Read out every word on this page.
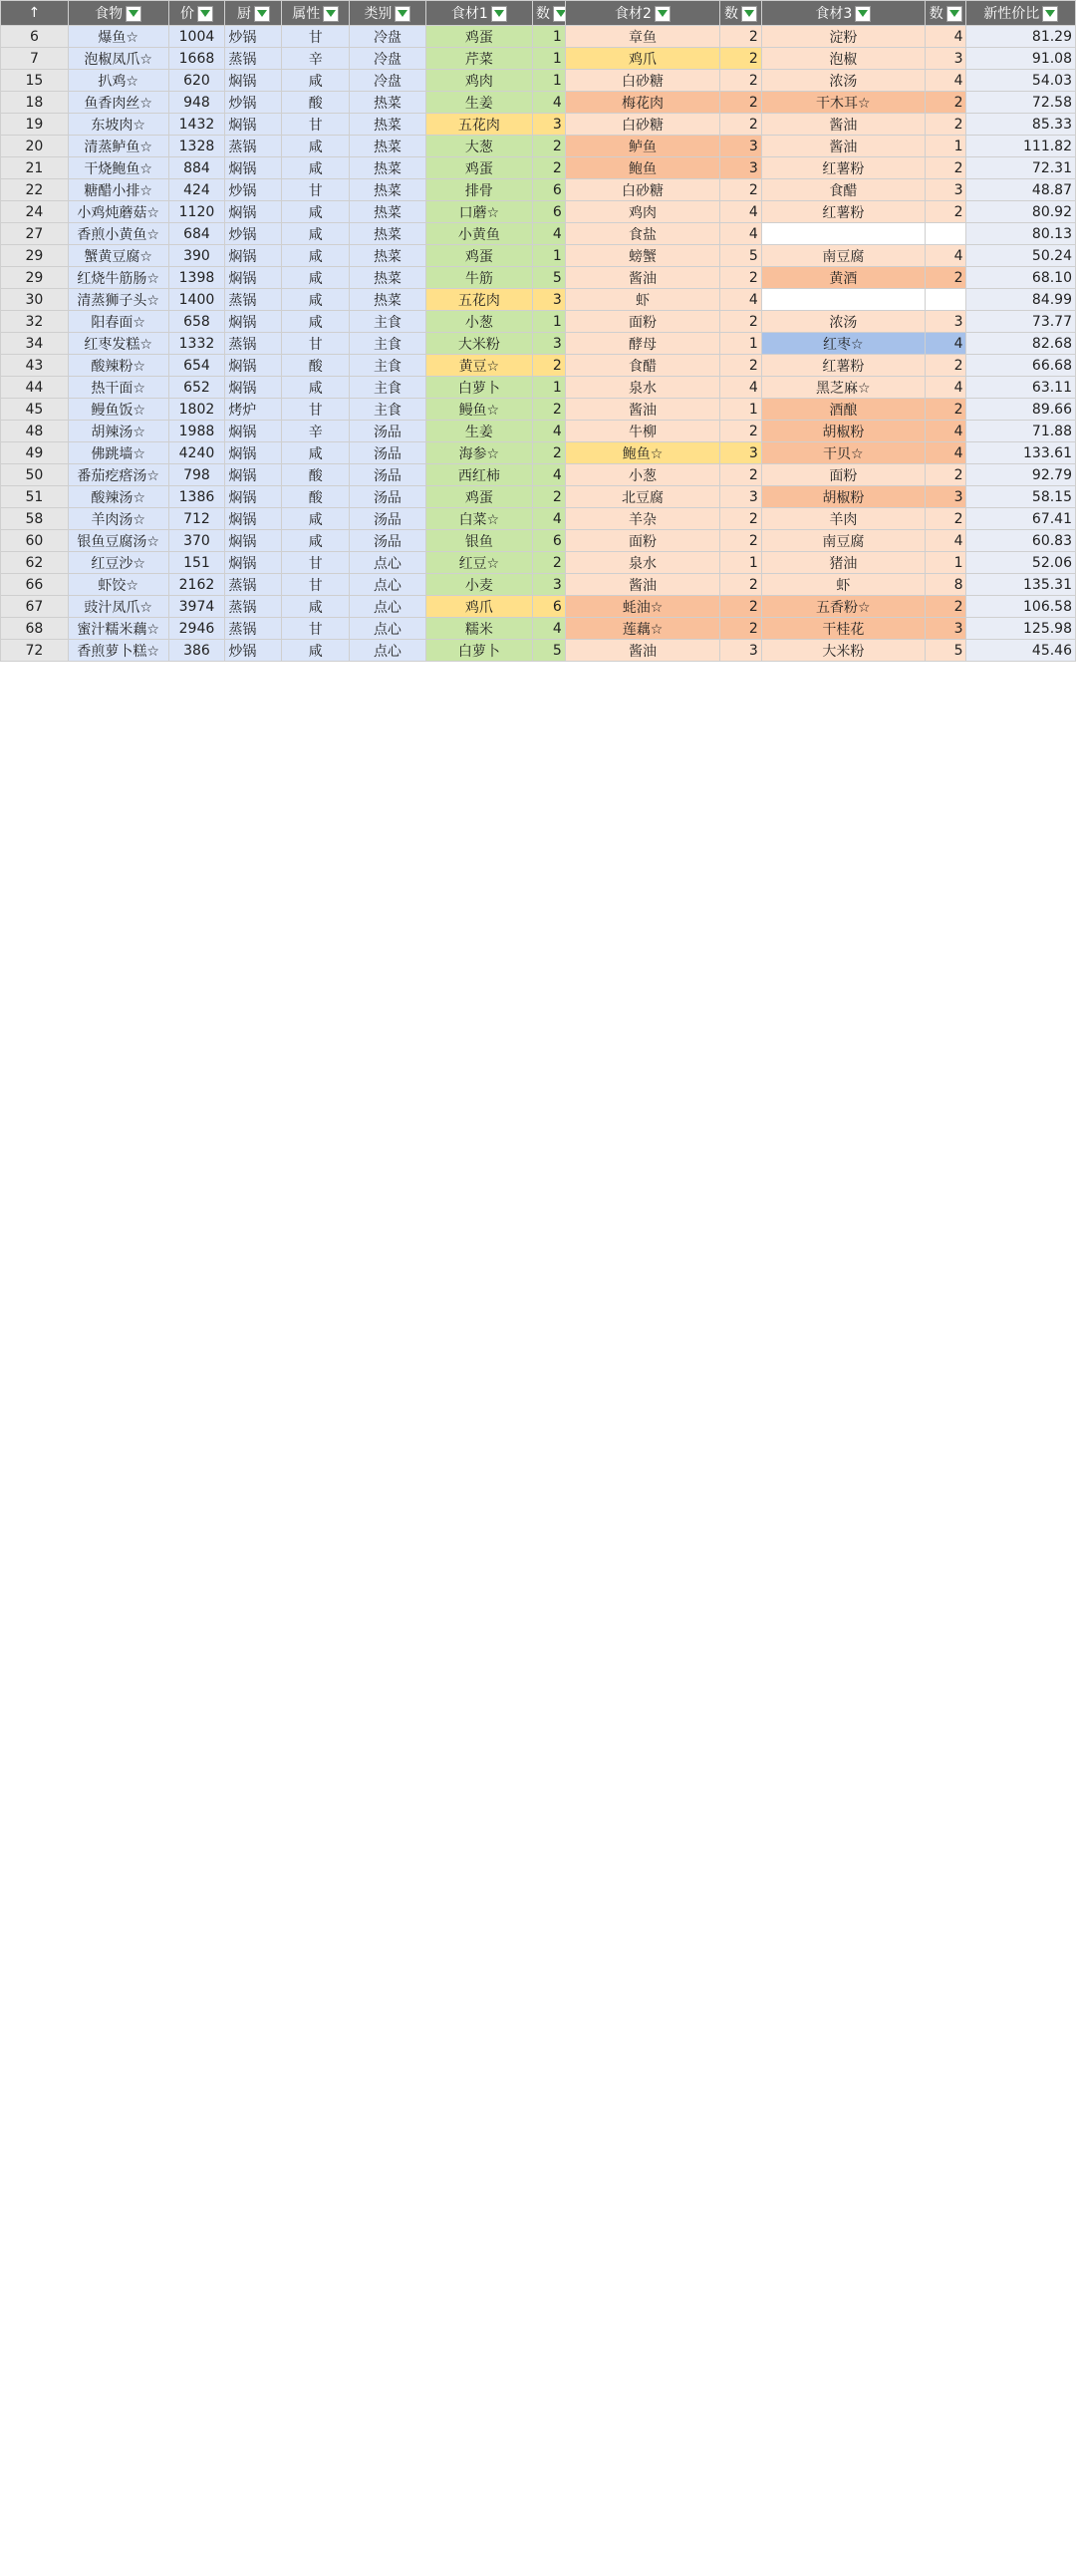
↑	食物	价	厨	属性	类别	食材1	数	食材2	数	食材3	数	新性价比
6	爆鱼☆	1004	炒锅	甘	冷盘	鸡蛋	1	章鱼	2	淀粉	4	81.29
7	泡椒凤爪☆	1668	蒸锅	辛	冷盘	芹菜	1	鸡爪	2	泡椒	3	91.08
15	扒鸡☆	620	焖锅	咸	冷盘	鸡肉	1	白砂糖	2	浓汤	4	54.03
18	鱼香肉丝☆	948	炒锅	酸	热菜	生姜	4	梅花肉	2	干木耳☆	2	72.58
19	东坡肉☆	1432	焖锅	甘	热菜	五花肉	3	白砂糖	2	酱油	2	85.33
20	清蒸鲈鱼☆	1328	蒸锅	咸	热菜	大葱	2	鲈鱼	3	酱油	1	111.82
21	干烧鲍鱼☆	884	焖锅	咸	热菜	鸡蛋	2	鲍鱼	3	红薯粉	2	72.31
22	糖醋小排☆	424	炒锅	甘	热菜	排骨	6	白砂糖	2	食醋	3	48.87
24	小鸡炖蘑菇☆	1120	焖锅	咸	热菜	口蘑☆	6	鸡肉	4	红薯粉	2	80.92
27	香煎小黄鱼☆	684	炒锅	咸	热菜	小黄鱼	4	食盐	4			80.13
29	蟹黄豆腐☆	390	焖锅	咸	热菜	鸡蛋	1	螃蟹	5	南豆腐	4	50.24
29	红烧牛筋肠☆	1398	焖锅	咸	热菜	牛筋	5	酱油	2	黄酒	2	68.10
30	清蒸狮子头☆	1400	蒸锅	咸	热菜	五花肉	3	虾	4			84.99
32	阳春面☆	658	焖锅	咸	主食	小葱	1	面粉	2	浓汤	3	73.77
34	红枣发糕☆	1332	蒸锅	甘	主食	大米粉	3	酵母	1	红枣☆	4	82.68
43	酸辣粉☆	654	焖锅	酸	主食	黄豆☆	2	食醋	2	红薯粉	2	66.68
44	热干面☆	652	焖锅	咸	主食	白萝卜	1	泉水	4	黑芝麻☆	4	63.11
45	鳗鱼饭☆	1802	烤炉	甘	主食	鳗鱼☆	2	酱油	1	酒酿	2	89.66
48	胡辣汤☆	1988	焖锅	辛	汤品	生姜	4	牛柳	2	胡椒粉	4	71.88
49	佛跳墙☆	4240	焖锅	咸	汤品	海参☆	2	鲍鱼☆	3	干贝☆	4	133.61
50	番茄疙瘩汤☆	798	焖锅	酸	汤品	西红柿	4	小葱	2	面粉	2	92.79
51	酸辣汤☆	1386	焖锅	酸	汤品	鸡蛋	2	北豆腐	3	胡椒粉	3	58.15
58	羊肉汤☆	712	焖锅	咸	汤品	白菜☆	4	羊杂	2	羊肉	2	67.41
60	银鱼豆腐汤☆	370	焖锅	咸	汤品	银鱼	6	面粉	2	南豆腐	4	60.83
62	红豆沙☆	151	焖锅	甘	点心	红豆☆	2	泉水	1	猪油	1	52.06
66	虾饺☆	2162	蒸锅	甘	点心	小麦	3	酱油	2	虾	8	135.31
67	豉汁凤爪☆	3974	蒸锅	咸	点心	鸡爪	6	蚝油☆	2	五香粉☆	2	106.58
68	蜜汁糯米藕☆	2946	蒸锅	甘	点心	糯米	4	莲藕☆	2	干桂花	3	125.98
72	香煎萝卜糕☆	386	炒锅	咸	点心	白萝卜	5	酱油	3	大米粉	5	45.46
